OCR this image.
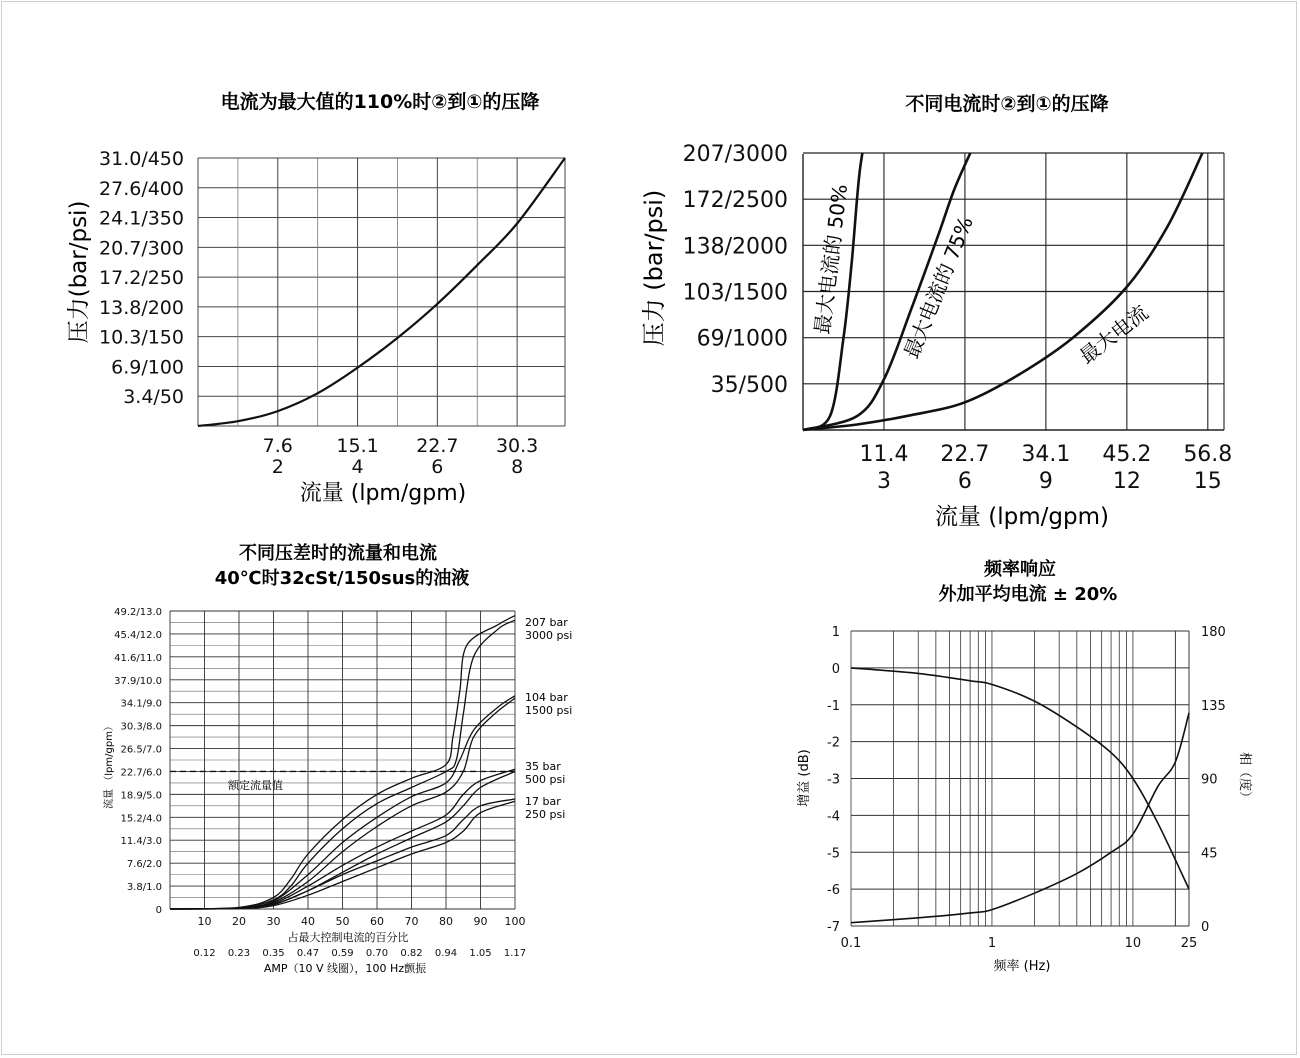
电流为最大值的110%时②到①的压降
31.0/450
27.6/400
24.1/350
20.7/300
17.2/250
13.8/200
10.3/150
6.9/100
3.4/50
7.6
2
15.1
4
22.7
6
30.3
8
压力(bar/psi)
流量 (lpm/gpm)
不同电流时②到①的压降
207/3000
172/2500
138/2000
103/1500
69/1000
35/500
11.4
3
22.7
6
34.1
9
45.2
12
56.8
15
压力 (bar/psi)
流量 (lpm/gpm)
最大电流的 50% 最大电流的 75%	最大电流
不同压差时的流量和电流
40℃时32cSt/150sus的油液
49.2/13.0
45.4/12.0
41.6/11.0
37.9/10.0
34.1/9.0
30.3/8.0
26.5/7.0
22.7/6.0
18.9/5.0
15.2/4.0
11.4/3.0
7.6/2.0
3.8/1.0
0
10 20 30 40 50 60 70 80 90 100
0.12 0.23 0.35 0.47 0.59 0.70 0.82 0.94 1.05 1.17
流量 （lpm/gpm）
占最大控制电流的百分比
AMP（10 V 线圈），100 Hz颤振
额定流量值
207 bar
3000 psi
104 bar
1500 psi
35 bar
500 psi
17 bar
250 psi
频率响应
外加平均电流 ± 20%
1
0
-1
-2
-3
-4
-5
-6
-7
180
135
90
45
0
0.1	1	10	25
增益 (dB)	相（度）
频率 (Hz)
